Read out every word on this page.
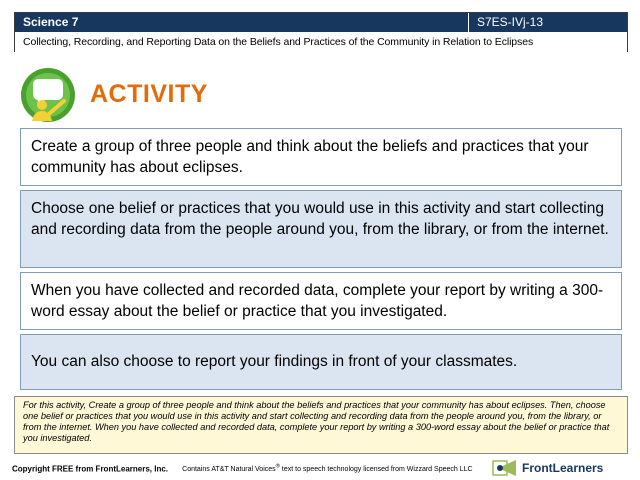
Science 7	S7ES-IVj-13
Collecting, Recording, and Reporting Data on the Beliefs and Practices of the Community in Relation to Eclipses
ACTIVITY
Create a group of three people and think about the beliefs and practices that your community has about eclipses.
Choose one belief or practices that you would use in this activity and start collecting and recording data from the people around you, from the library, or from the internet.
When you have collected and recorded data, complete your report by writing a 300-word essay about the belief or practice that you investigated.
You can also choose to report your findings in front of your classmates.
For this activity, Create a group of three people and think about the beliefs and practices that your community has about eclipses. Then, choose one belief or practices that you would use in this activity and start collecting and recording data from the people around you, from the library, or from the internet. When you have collected and recorded data, complete your report by writing a 300-word essay about the belief or practice that you investigated.
Copyright FREE from FrontLearners, Inc. Contains AT&T Natural Voices® text to speech technology licensed from Wizzard Speech LLC	FrontLearners
